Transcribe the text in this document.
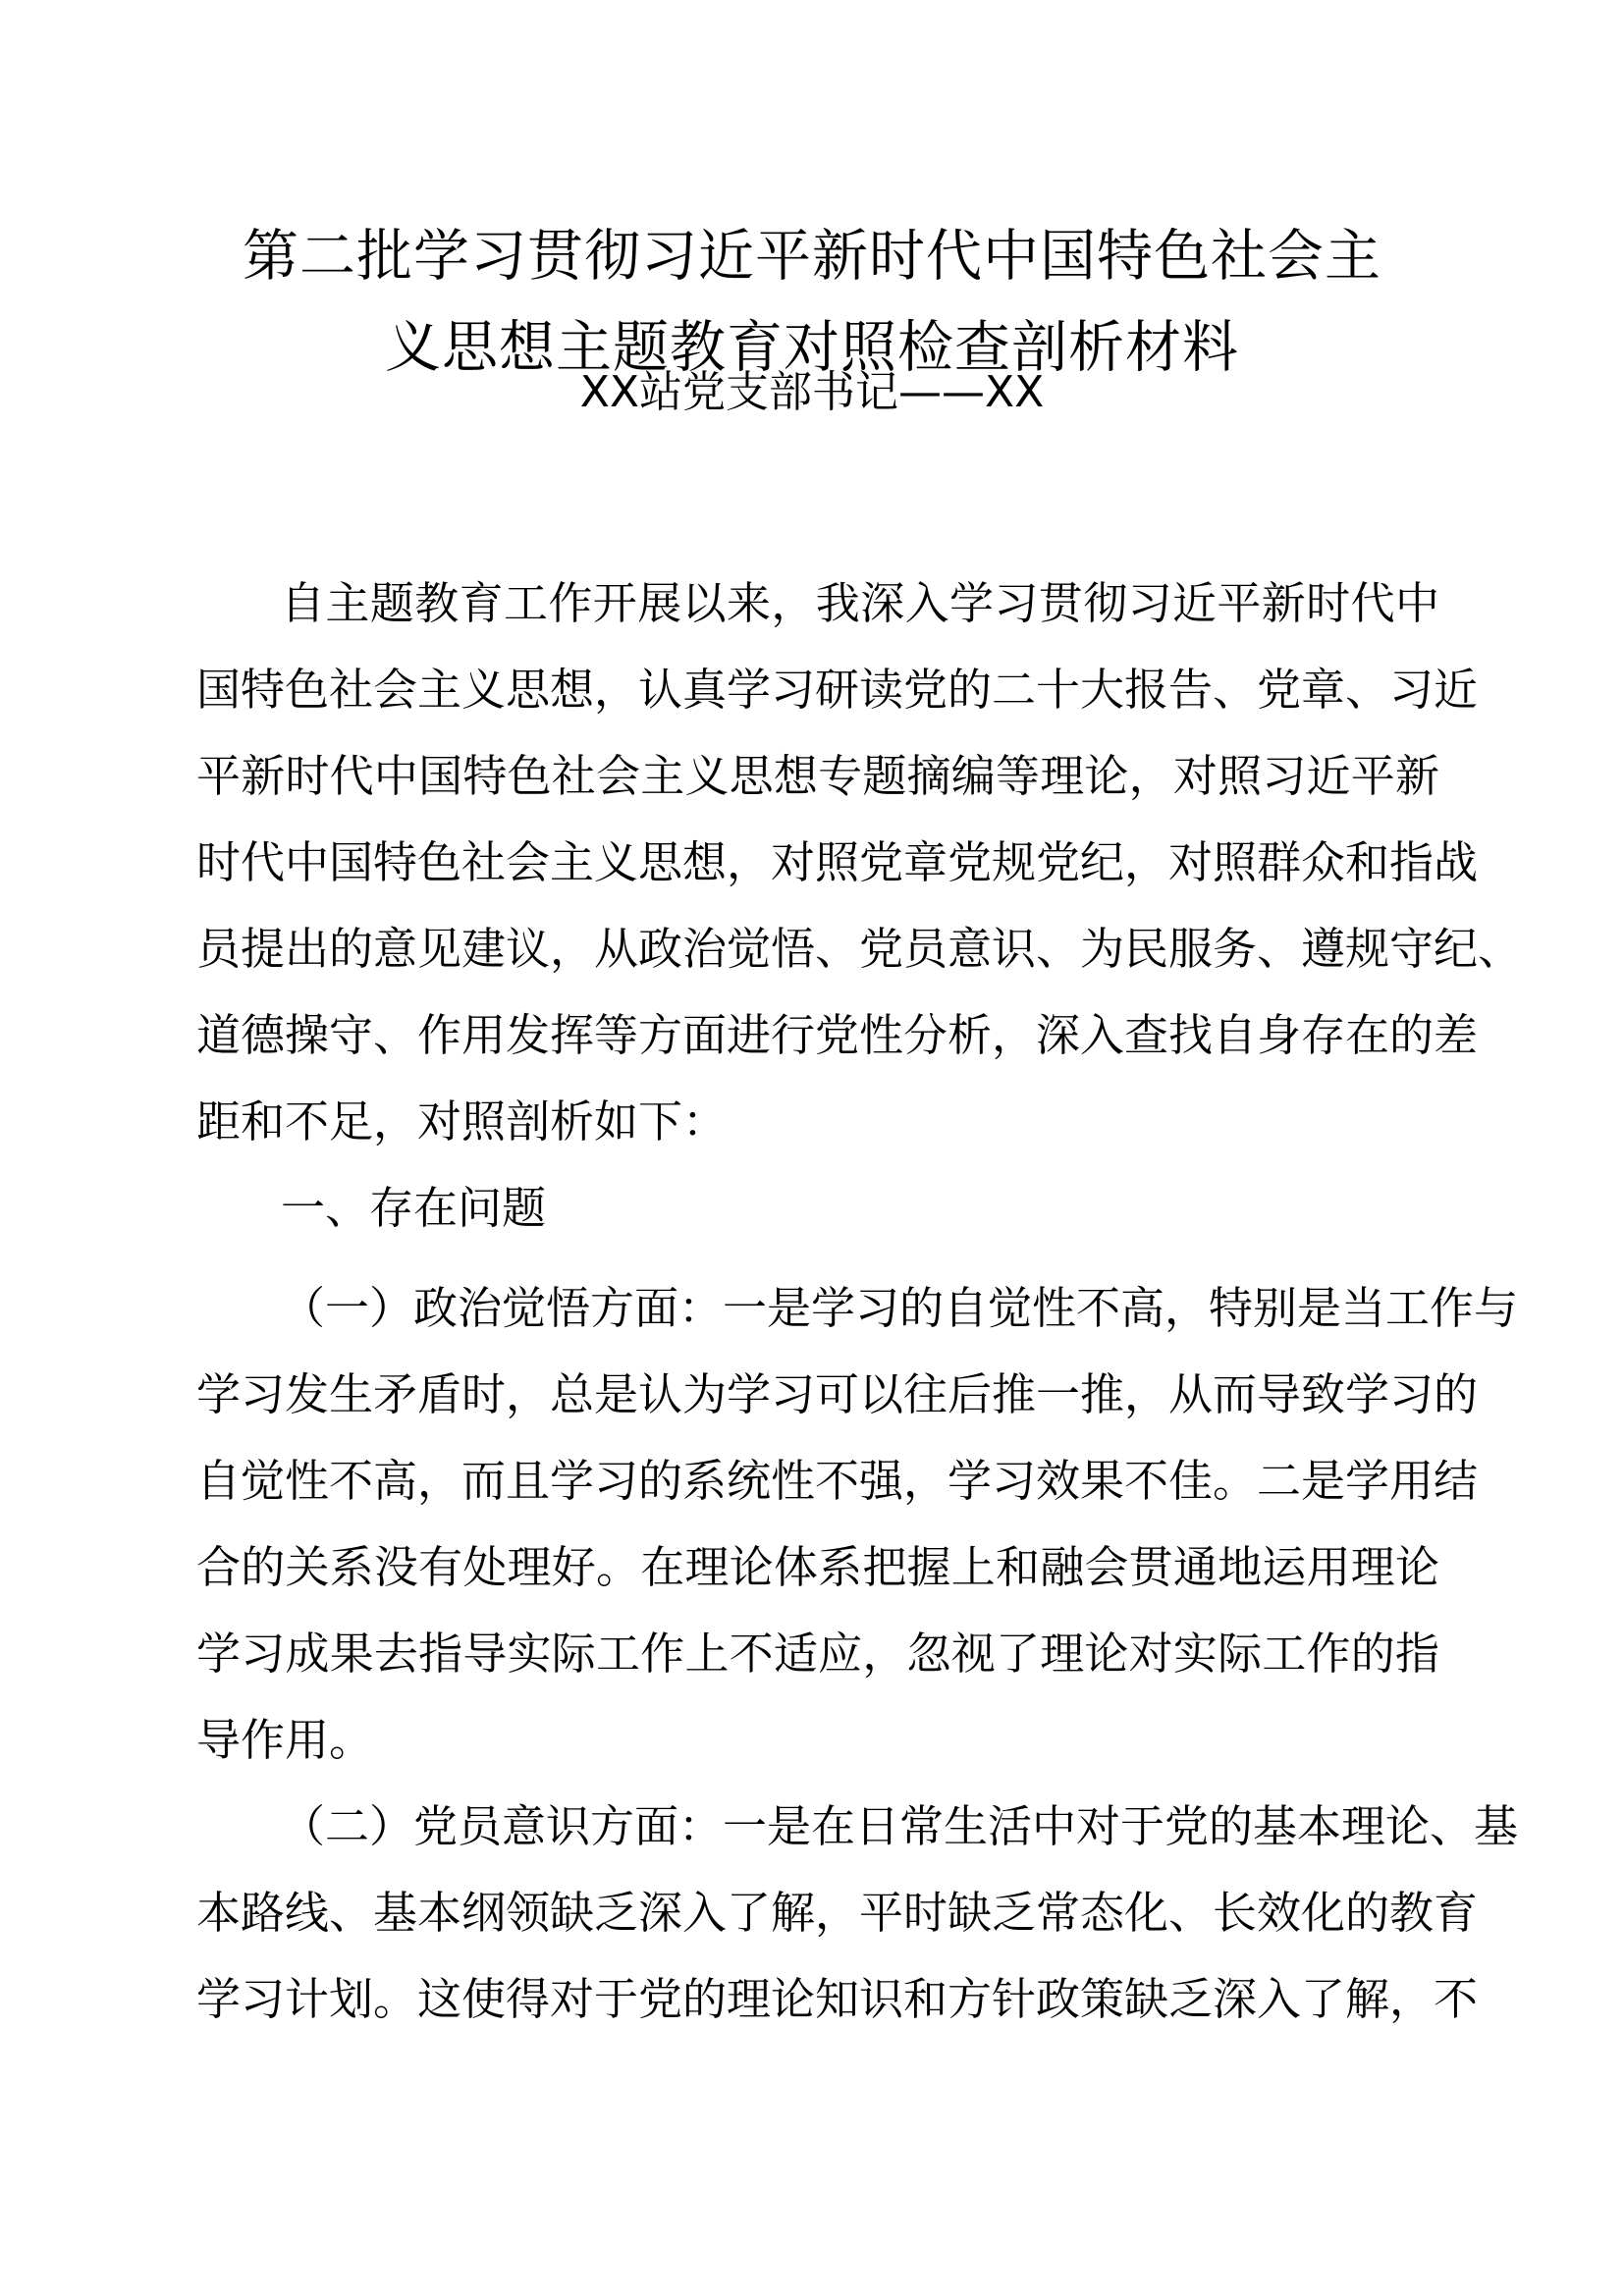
第二批学习贯彻习近平新时代中国特色社会主
义思想主题教育对照检查剖析材料
XX站党支部书记——XX
自主题教育工作开展以来，我深入学习贯彻习近平新时代中
国特色社会主义思想，认真学习研读党的二十大报告、党章、习近
平新时代中国特色社会主义思想专题摘编等理论，对照习近平新
时代中国特色社会主义思想，对照党章党规党纪，对照群众和指战
员提出的意见建议，从政治觉悟、党员意识、为民服务、遵规守纪、
道德操守、作用发挥等方面进行党性分析，深入查找自身存在的差
距和不足，对照剖析如下：
一、存在问题
（一）政治觉悟方面：一是学习的自觉性不高，特别是当工作与
学习发生矛盾时，总是认为学习可以往后推一推，从而导致学习的
自觉性不高，而且学习的系统性不强，学习效果不佳。二是学用结
合的关系没有处理好。在理论体系把握上和融会贯通地运用理论
学习成果去指导实际工作上不适应，忽视了理论对实际工作的指
导作用。
（二）党员意识方面：一是在日常生活中对于党的基本理论、基
本路线、基本纲领缺乏深入了解，平时缺乏常态化、长效化的教育
学习计划。这使得对于党的理论知识和方针政策缺乏深入了解，不
